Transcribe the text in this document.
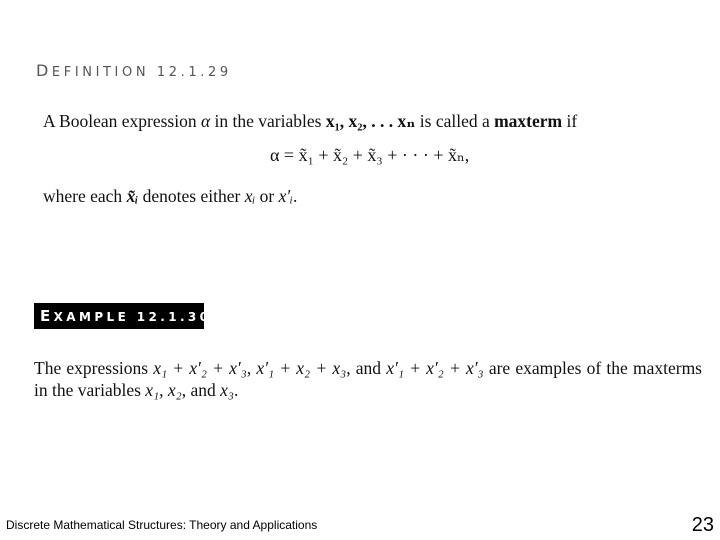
DEFINITION 12.1.29
A Boolean expression α in the variables x₁, x₂, . . . xₙ is called a maxterm if
α = x̃₁ + x̃₂ + x̃₃ + · · · + x̃ₙ,
where each x̃ᵢ denotes either xᵢ or x′ᵢ.
EXAMPLE 12.1.30
The expressions x₁ + x′₂ + x′₃, x′₁ + x₂ + x₃, and x′₁ + x′₂ + x′₃ are examples of the maxterms in the variables x₁, x₂, and x₃.
Discrete Mathematical Structures: Theory and Applications	23
